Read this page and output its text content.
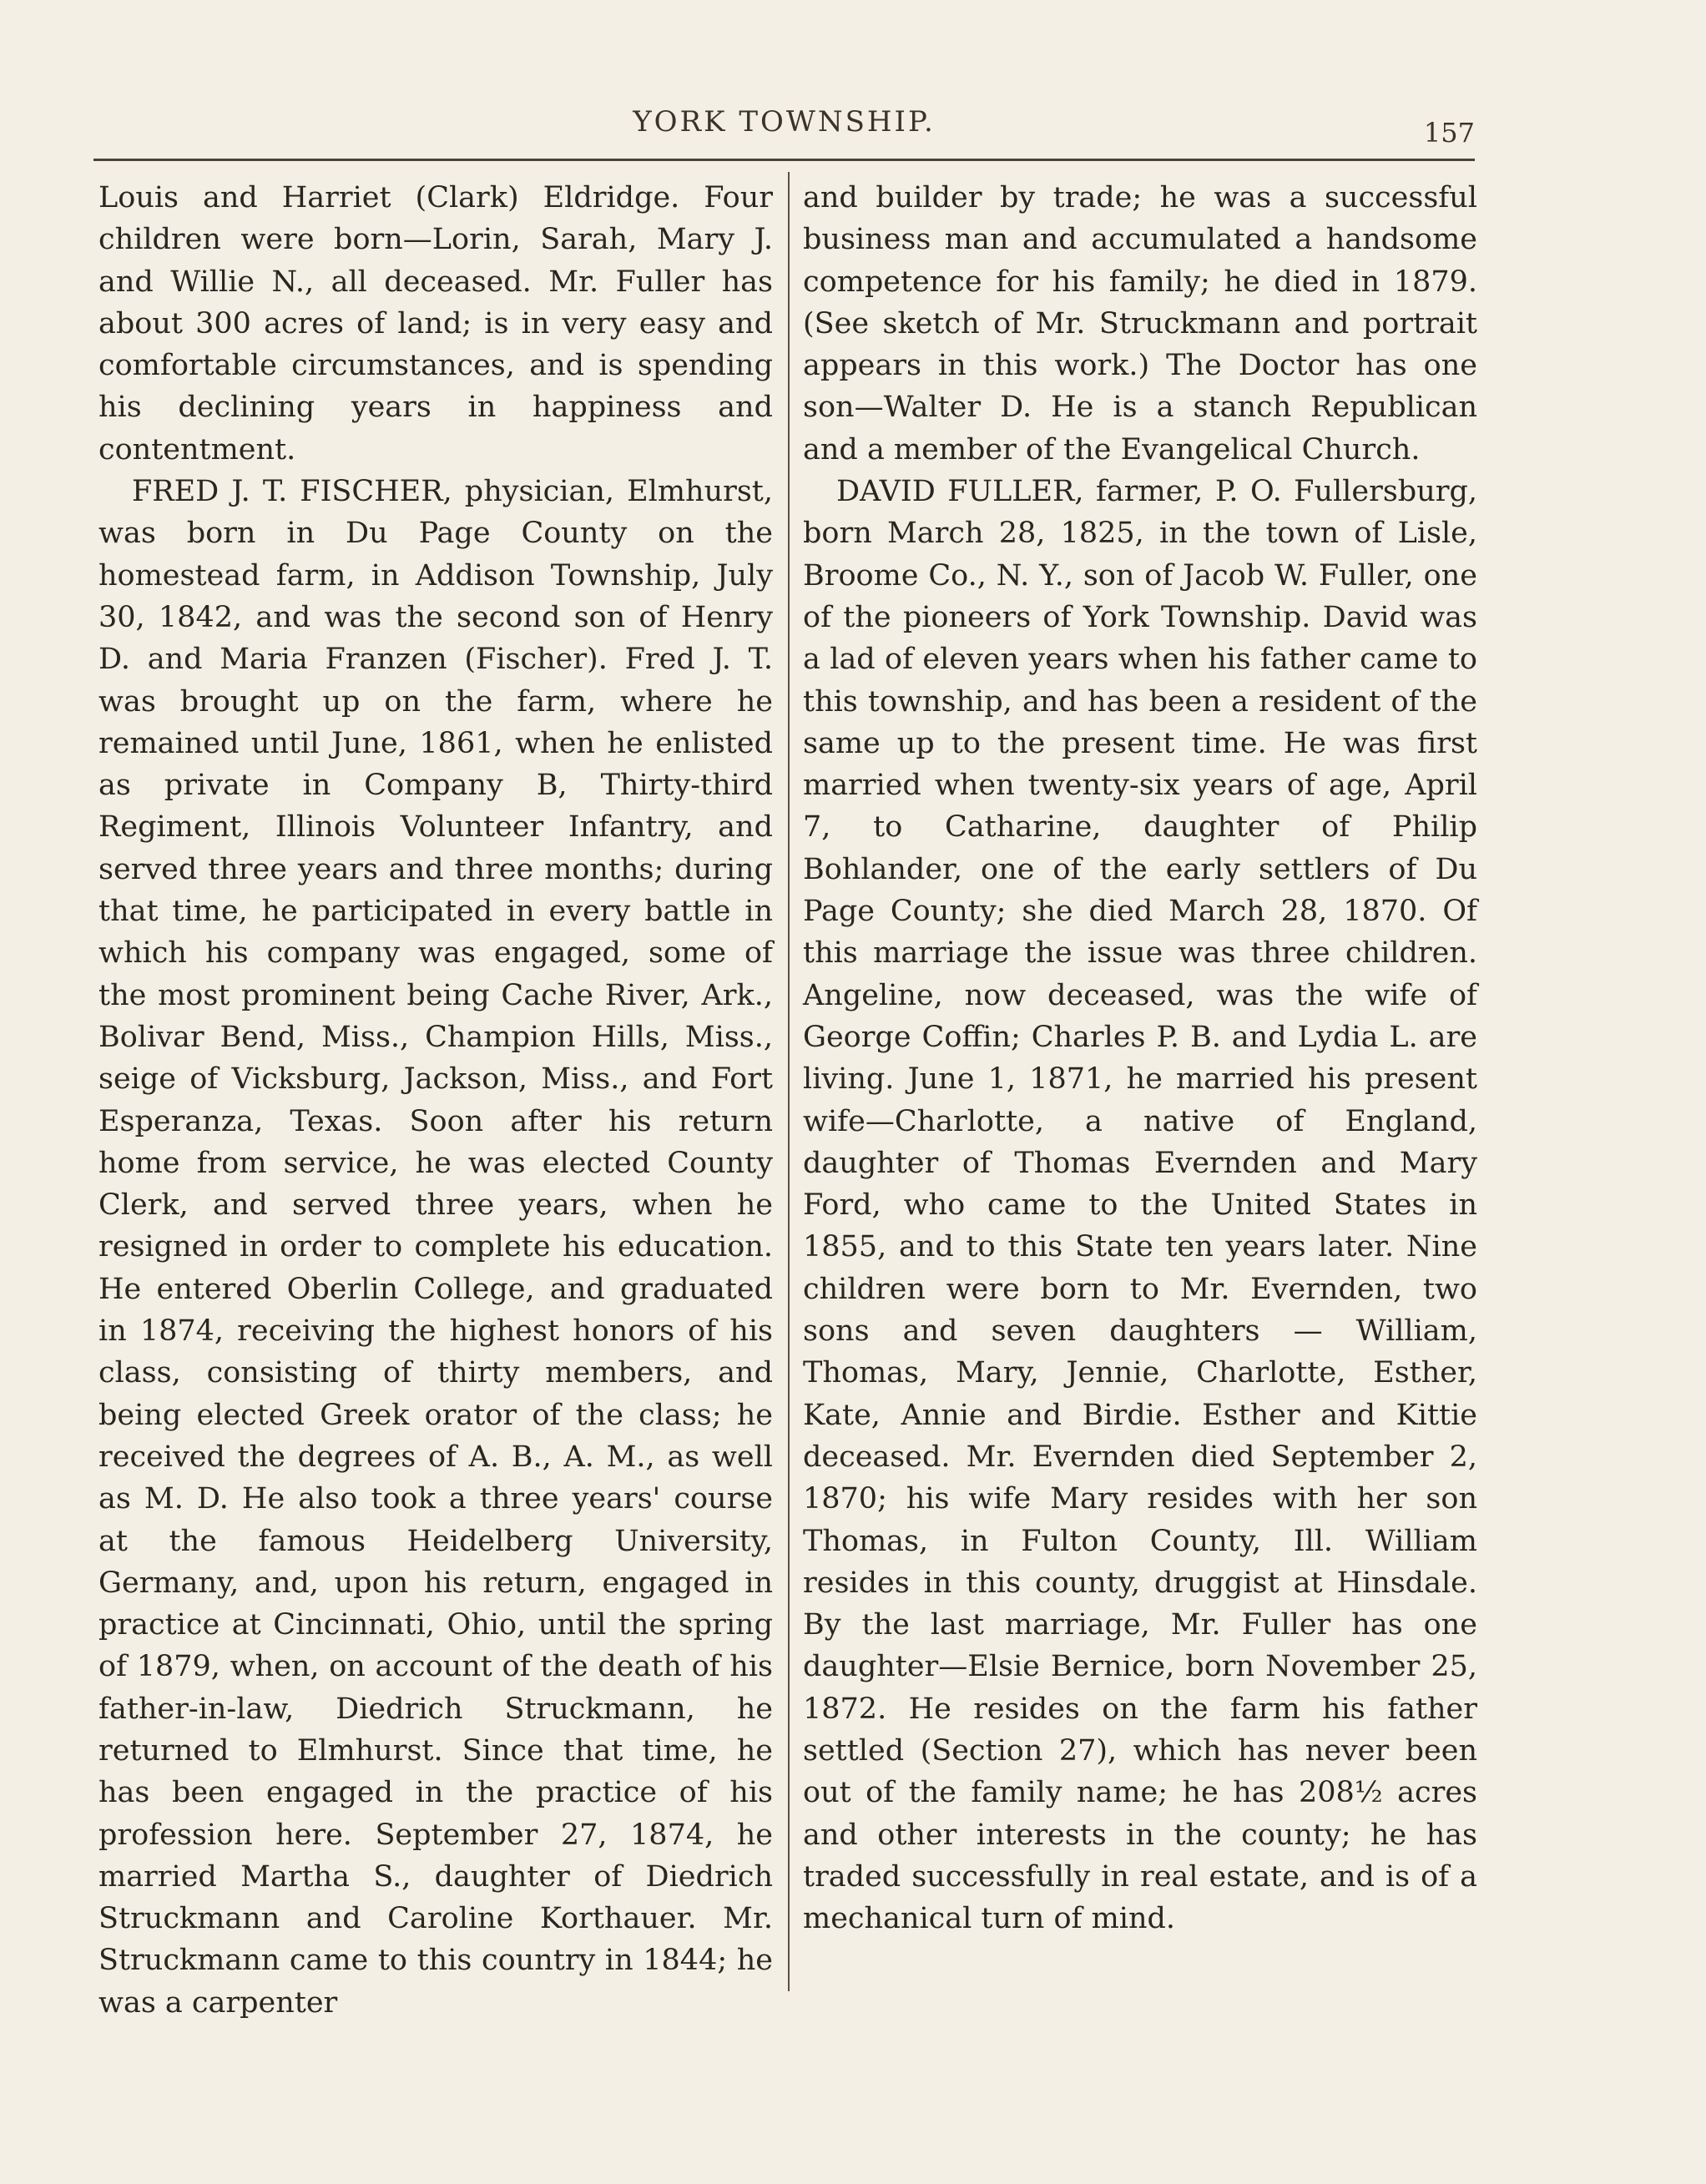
YORK TOWNSHIP.	157

Louis and Harriet (Clark) Eldridge. Four children were born—Lorin, Sarah, Mary J. and Willie N., all deceased. Mr. Fuller has about 300 acres of land; is in very easy and comfortable circumstances, and is spending his declining years in happiness and contentment.

FRED J. T. FISCHER, physician, Elmhurst, was born in Du Page County on the homestead farm, in Addison Township, July 30, 1842, and was the second son of Henry D. and Maria Franzen (Fischer). Fred J. T. was brought up on the farm, where he remained until June, 1861, when he enlisted as private in Company B, Thirty-third Regiment, Illinois Volunteer Infantry, and served three years and three months; during that time, he participated in every battle in which his company was engaged, some of the most prominent being Cache River, Ark., Bolivar Bend, Miss., Champion Hills, Miss., seige of Vicksburg, Jackson, Miss., and Fort Esperanza, Texas. Soon after his return home from service, he was elected County Clerk, and served three years, when he resigned in order to complete his education. He entered Oberlin College, and graduated in 1874, receiving the highest honors of his class, consisting of thirty members, and being elected Greek orator of the class; he received the degrees of A. B., A. M., as well as M. D. He also took a three years' course at the famous Heidelberg University, Germany, and, upon his return, engaged in practice at Cincinnati, Ohio, until the spring of 1879, when, on account of the death of his father-in-law, Diedrich Struckmann, he returned to Elmhurst. Since that time, he has been engaged in the practice of his profession here. September 27, 1874, he married Martha S., daughter of Diedrich Struckmann and Caroline Korthauer. Mr. Struckmann came to this country in 1844; he was a carpenter

and builder by trade; he was a successful business man and accumulated a handsome competence for his family; he died in 1879. (See sketch of Mr. Struckmann and portrait appears in this work.) The Doctor has one son—Walter D. He is a stanch Republican and a member of the Evangelical Church.

DAVID FULLER, farmer, P. O. Fullersburg, born March 28, 1825, in the town of Lisle, Broome Co., N. Y., son of Jacob W. Fuller, one of the pioneers of York Township. David was a lad of eleven years when his father came to this township, and has been a resident of the same up to the present time. He was first married when twenty-six years of age, April 7, to Catharine, daughter of Philip Bohlander, one of the early settlers of Du Page County; she died March 28, 1870. Of this marriage the issue was three children. Angeline, now deceased, was the wife of George Coffin; Charles P. B. and Lydia L. are living. June 1, 1871, he married his present wife—Charlotte, a native of England, daughter of Thomas Evernden and Mary Ford, who came to the United States in 1855, and to this State ten years later. Nine children were born to Mr. Evernden, two sons and seven daughters — William, Thomas, Mary, Jennie, Charlotte, Esther, Kate, Annie and Birdie. Esther and Kittie deceased. Mr. Evernden died September 2, 1870; his wife Mary resides with her son Thomas, in Fulton County, Ill. William resides in this county, druggist at Hinsdale. By the last marriage, Mr. Fuller has one daughter—Elsie Bernice, born November 25, 1872. He resides on the farm his father settled (Section 27), which has never been out of the family name; he has 208½ acres and other interests in the county; he has traded successfully in real estate, and is of a mechanical turn of mind.
